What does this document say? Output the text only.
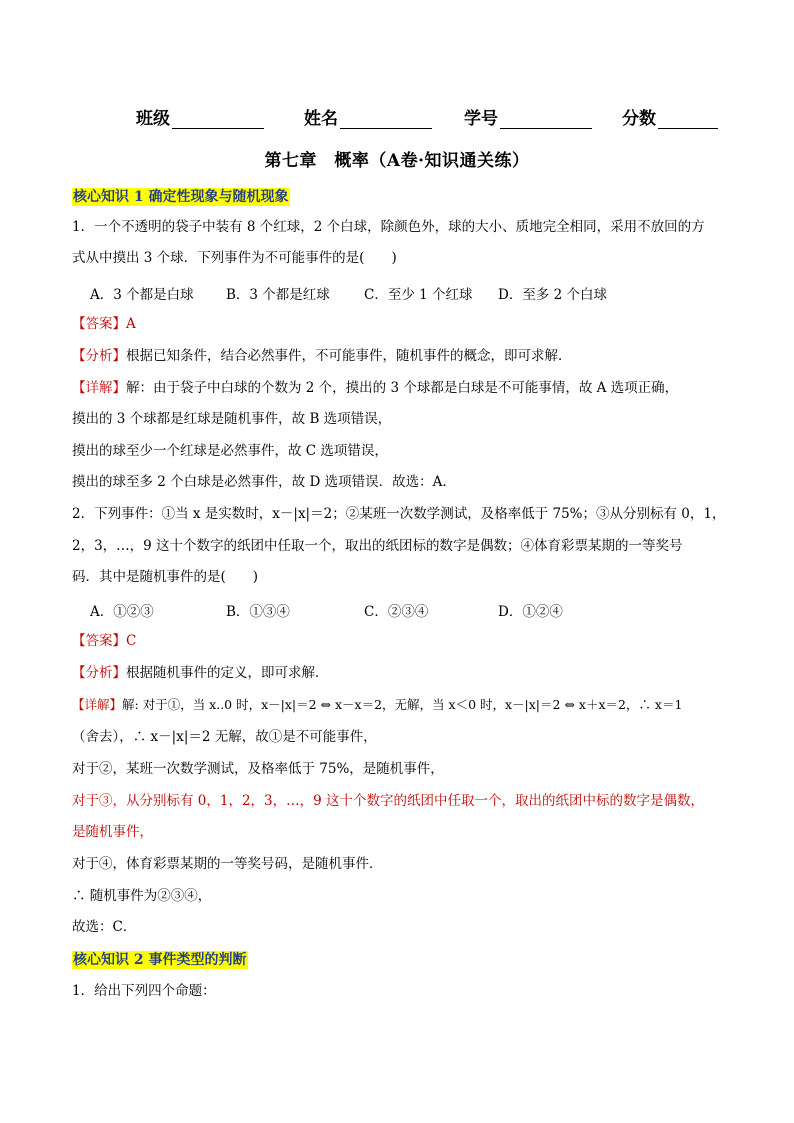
班级	姓名	学号	分数
第七章　概率（A卷·知识通关练）
核心知识 1 确定性现象与随机现象
1．一个不透明的袋子中装有 8 个红球，2 个白球，除颜色外，球的大小、质地完全相同，采用不放回的方
式从中摸出 3 个球．下列事件为不可能事件的是(　　)
A．3 个都是白球 B．3 个都是红球	C．至少 1 个红球 D．至多 2 个白球
【答案】A
【分析】根据已知条件，结合必然事件，不可能事件，随机事件的概念，即可求解．
【详解】解：由于袋子中白球的个数为 2 个，摸出的 3 个球都是白球是不可能事情，故 A 选项正确，
摸出的 3 个球都是红球是随机事件，故 B 选项错误，
摸出的球至少一个红球是必然事件，故 C 选项错误，
摸出的球至多 2 个白球是必然事件，故 D 选项错误．故选：A．
2．下列事件：①当 x 是实数时，x－|x|＝2；②某班一次数学测试，及格率低于 75%；③从分别标有 0，1，
2，3，…，9 这十个数字的纸团中任取一个，取出的纸团标的数字是偶数；④体育彩票某期的一等奖号
码．其中是随机事件的是(　　)
A．①②③	B．①③④	C．②③④	D．①②④
【答案】C
【分析】根据随机事件的定义，即可求解．
【详解】解: 对于①，当 x..0 时，x－|x|＝2 ⇔ x－x＝2，无解，当 x＜0 时，x－|x|＝2 ⇔ x＋x＝2，∴ x＝1
（舍去），∴ x－|x|＝2 无解，故①是不可能事件，
对于②，某班一次数学测试，及格率低于 75%，是随机事件，
对于③，从分别标有 0，1，2，3，…，9 这十个数字的纸团中任取一个，取出的纸团中标的数字是偶数，
是随机事件，
对于④，体育彩票某期的一等奖号码，是随机事件．
∴ 随机事件为②③④，
故选：C．
核心知识 2 事件类型的判断
1．给出下列四个命题：
